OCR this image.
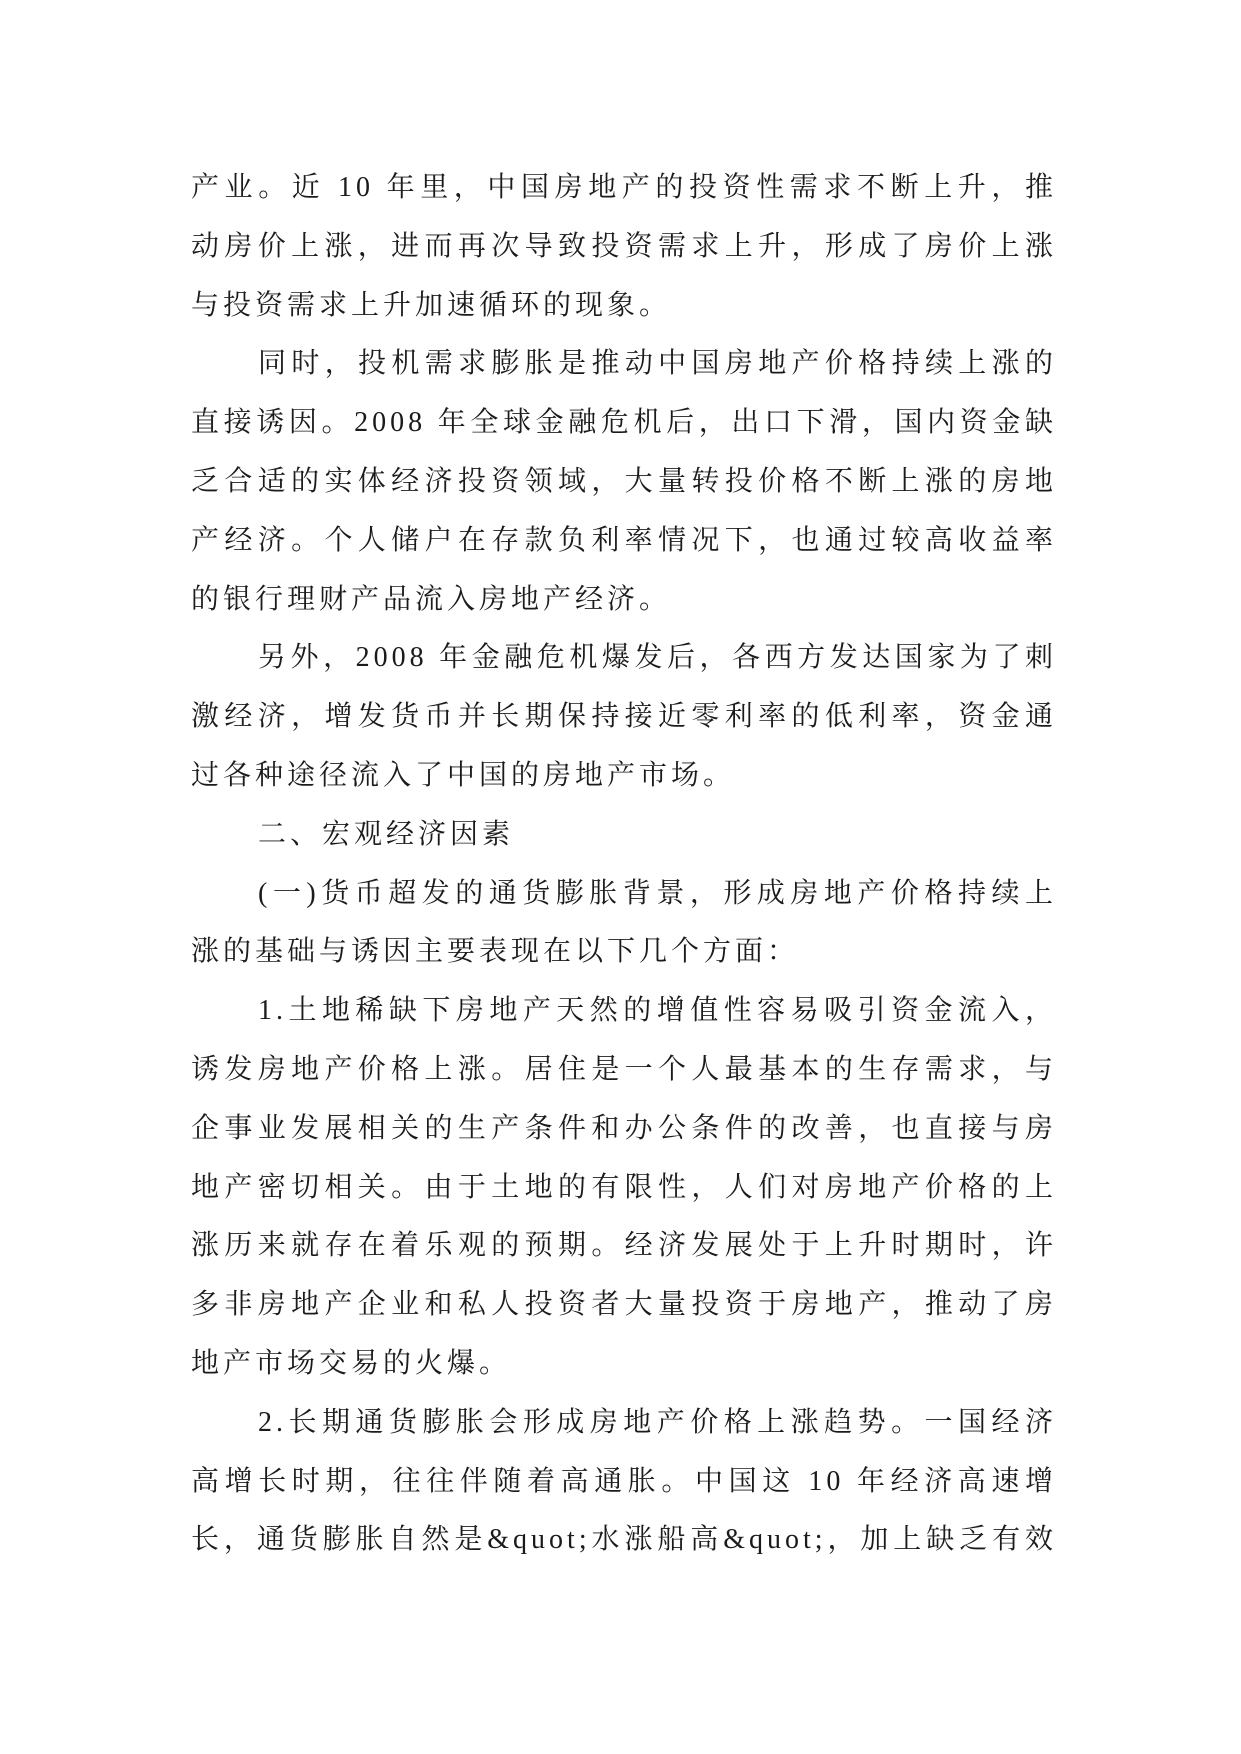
产业。近 10 年里，中国房地产的投资性需求不断上升，推
动房价上涨，进而再次导致投资需求上升，形成了房价上涨
与投资需求上升加速循环的现象。
同时，投机需求膨胀是推动中国房地产价格持续上涨的
直接诱因。2008 年全球金融危机后，出口下滑，国内资金缺
乏合适的实体经济投资领域，大量转投价格不断上涨的房地
产经济。个人储户在存款负利率情况下，也通过较高收益率
的银行理财产品流入房地产经济。
另外，2008 年金融危机爆发后，各西方发达国家为了刺
激经济，增发货币并长期保持接近零利率的低利率，资金通
过各种途径流入了中国的房地产市场。
二、宏观经济因素
(一)货币超发的通货膨胀背景，形成房地产价格持续上
涨的基础与诱因主要表现在以下几个方面：
1.土地稀缺下房地产天然的增值性容易吸引资金流入，
诱发房地产价格上涨。居住是一个人最基本的生存需求，与
企事业发展相关的生产条件和办公条件的改善，也直接与房
地产密切相关。由于土地的有限性，人们对房地产价格的上
涨历来就存在着乐观的预期。经济发展处于上升时期时，许
多非房地产企业和私人投资者大量投资于房地产，推动了房
地产市场交易的火爆。
2.长期通货膨胀会形成房地产价格上涨趋势。一国经济
高增长时期，往往伴随着高通胀。中国这 10 年经济高速增
长，通货膨胀自然是&quot;水涨船高&quot;，加上缺乏有效
